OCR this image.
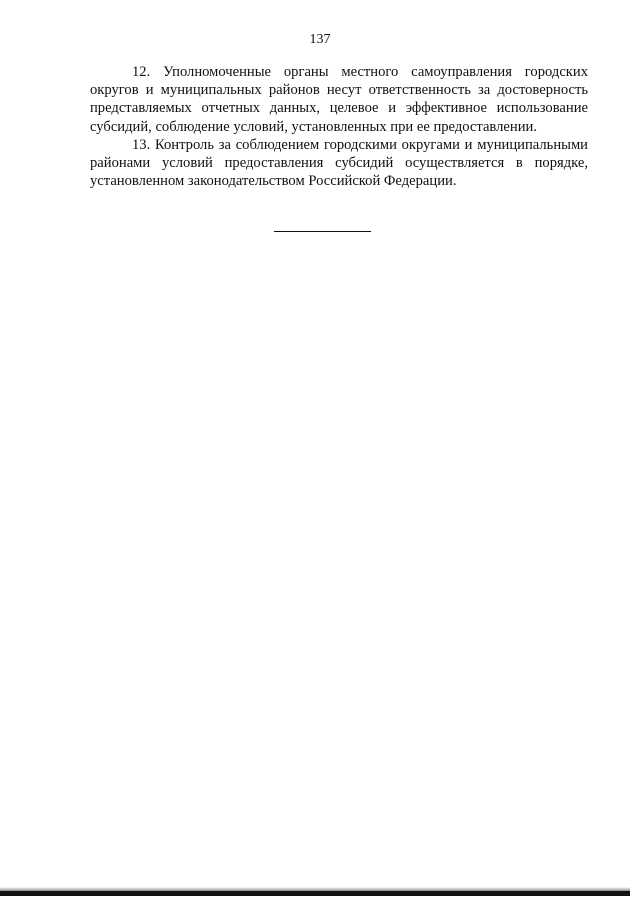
137

12. Уполномоченные органы местного самоуправления городских округов и муниципальных районов несут ответственность за достоверность представляемых отчетных данных, целевое и эффективное использование субсидий, соблюдение условий, установленных при ее предоставлении.

13. Контроль за соблюдением городскими округами и муниципальными районами условий предоставления субсидий осуществляется в порядке, установленном законодательством Российской Федерации.
